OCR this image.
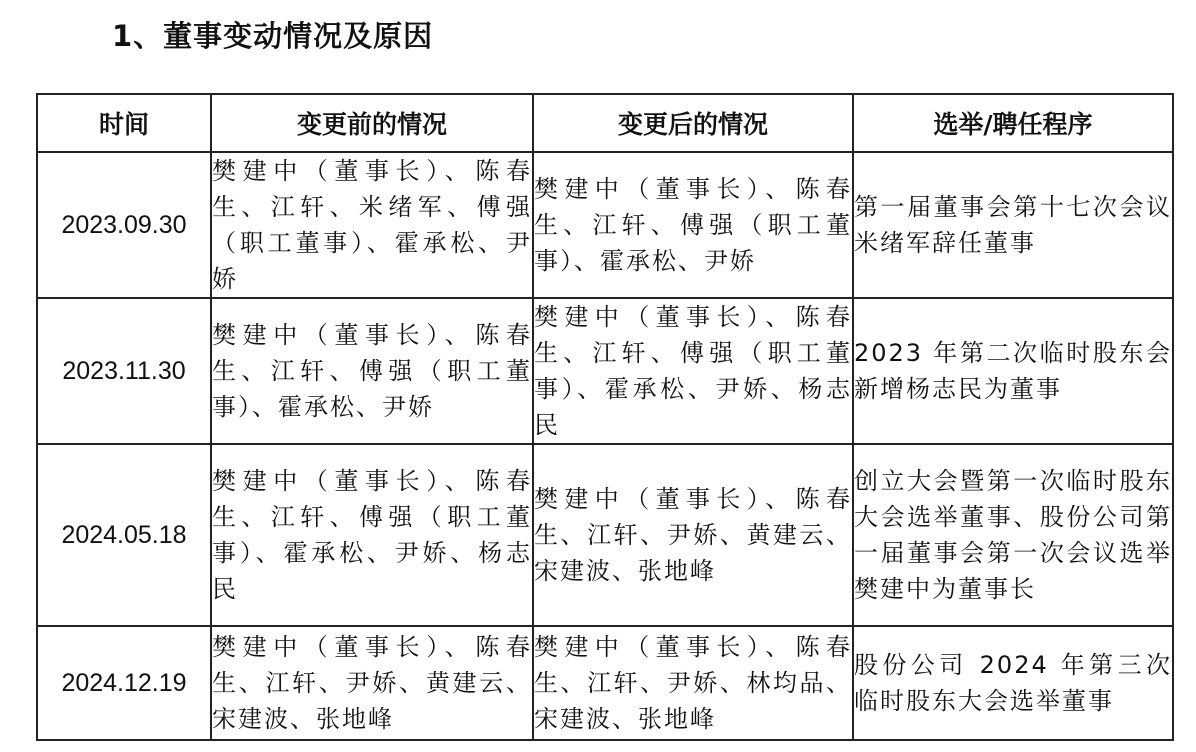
1、董事变动情况及原因
时间	变更前的情况	变更后的情况	选举/聘任程序
2023.09.30	樊建中（董事长）、陈春生、江轩、米绪军、傅强（职工董事）、霍承松、尹娇	樊建中（董事长）、陈春生、江轩、傅强（职工董事）、霍承松、尹娇	第一届董事会第十七次会议米绪军辞任董事
2023.11.30	樊建中（董事长）、陈春生、江轩、傅强（职工董事）、霍承松、尹娇	樊建中（董事长）、陈春生、江轩、傅强（职工董事）、霍承松、尹娇、杨志民	2023 年第二次临时股东会新增杨志民为董事
2024.05.18	樊建中（董事长）、陈春生、江轩、傅强（职工董事）、霍承松、尹娇、杨志民	樊建中（董事长）、陈春生、江轩、尹娇、黄建云、宋建波、张地峰	创立大会暨第一次临时股东大会选举董事、股份公司第一届董事会第一次会议选举樊建中为董事长
2024.12.19	樊建中（董事长）、陈春生、江轩、尹娇、黄建云、宋建波、张地峰	樊建中（董事长）、陈春生、江轩、尹娇、林均品、宋建波、张地峰	股份公司 2024 年第三次临时股东大会选举董事
